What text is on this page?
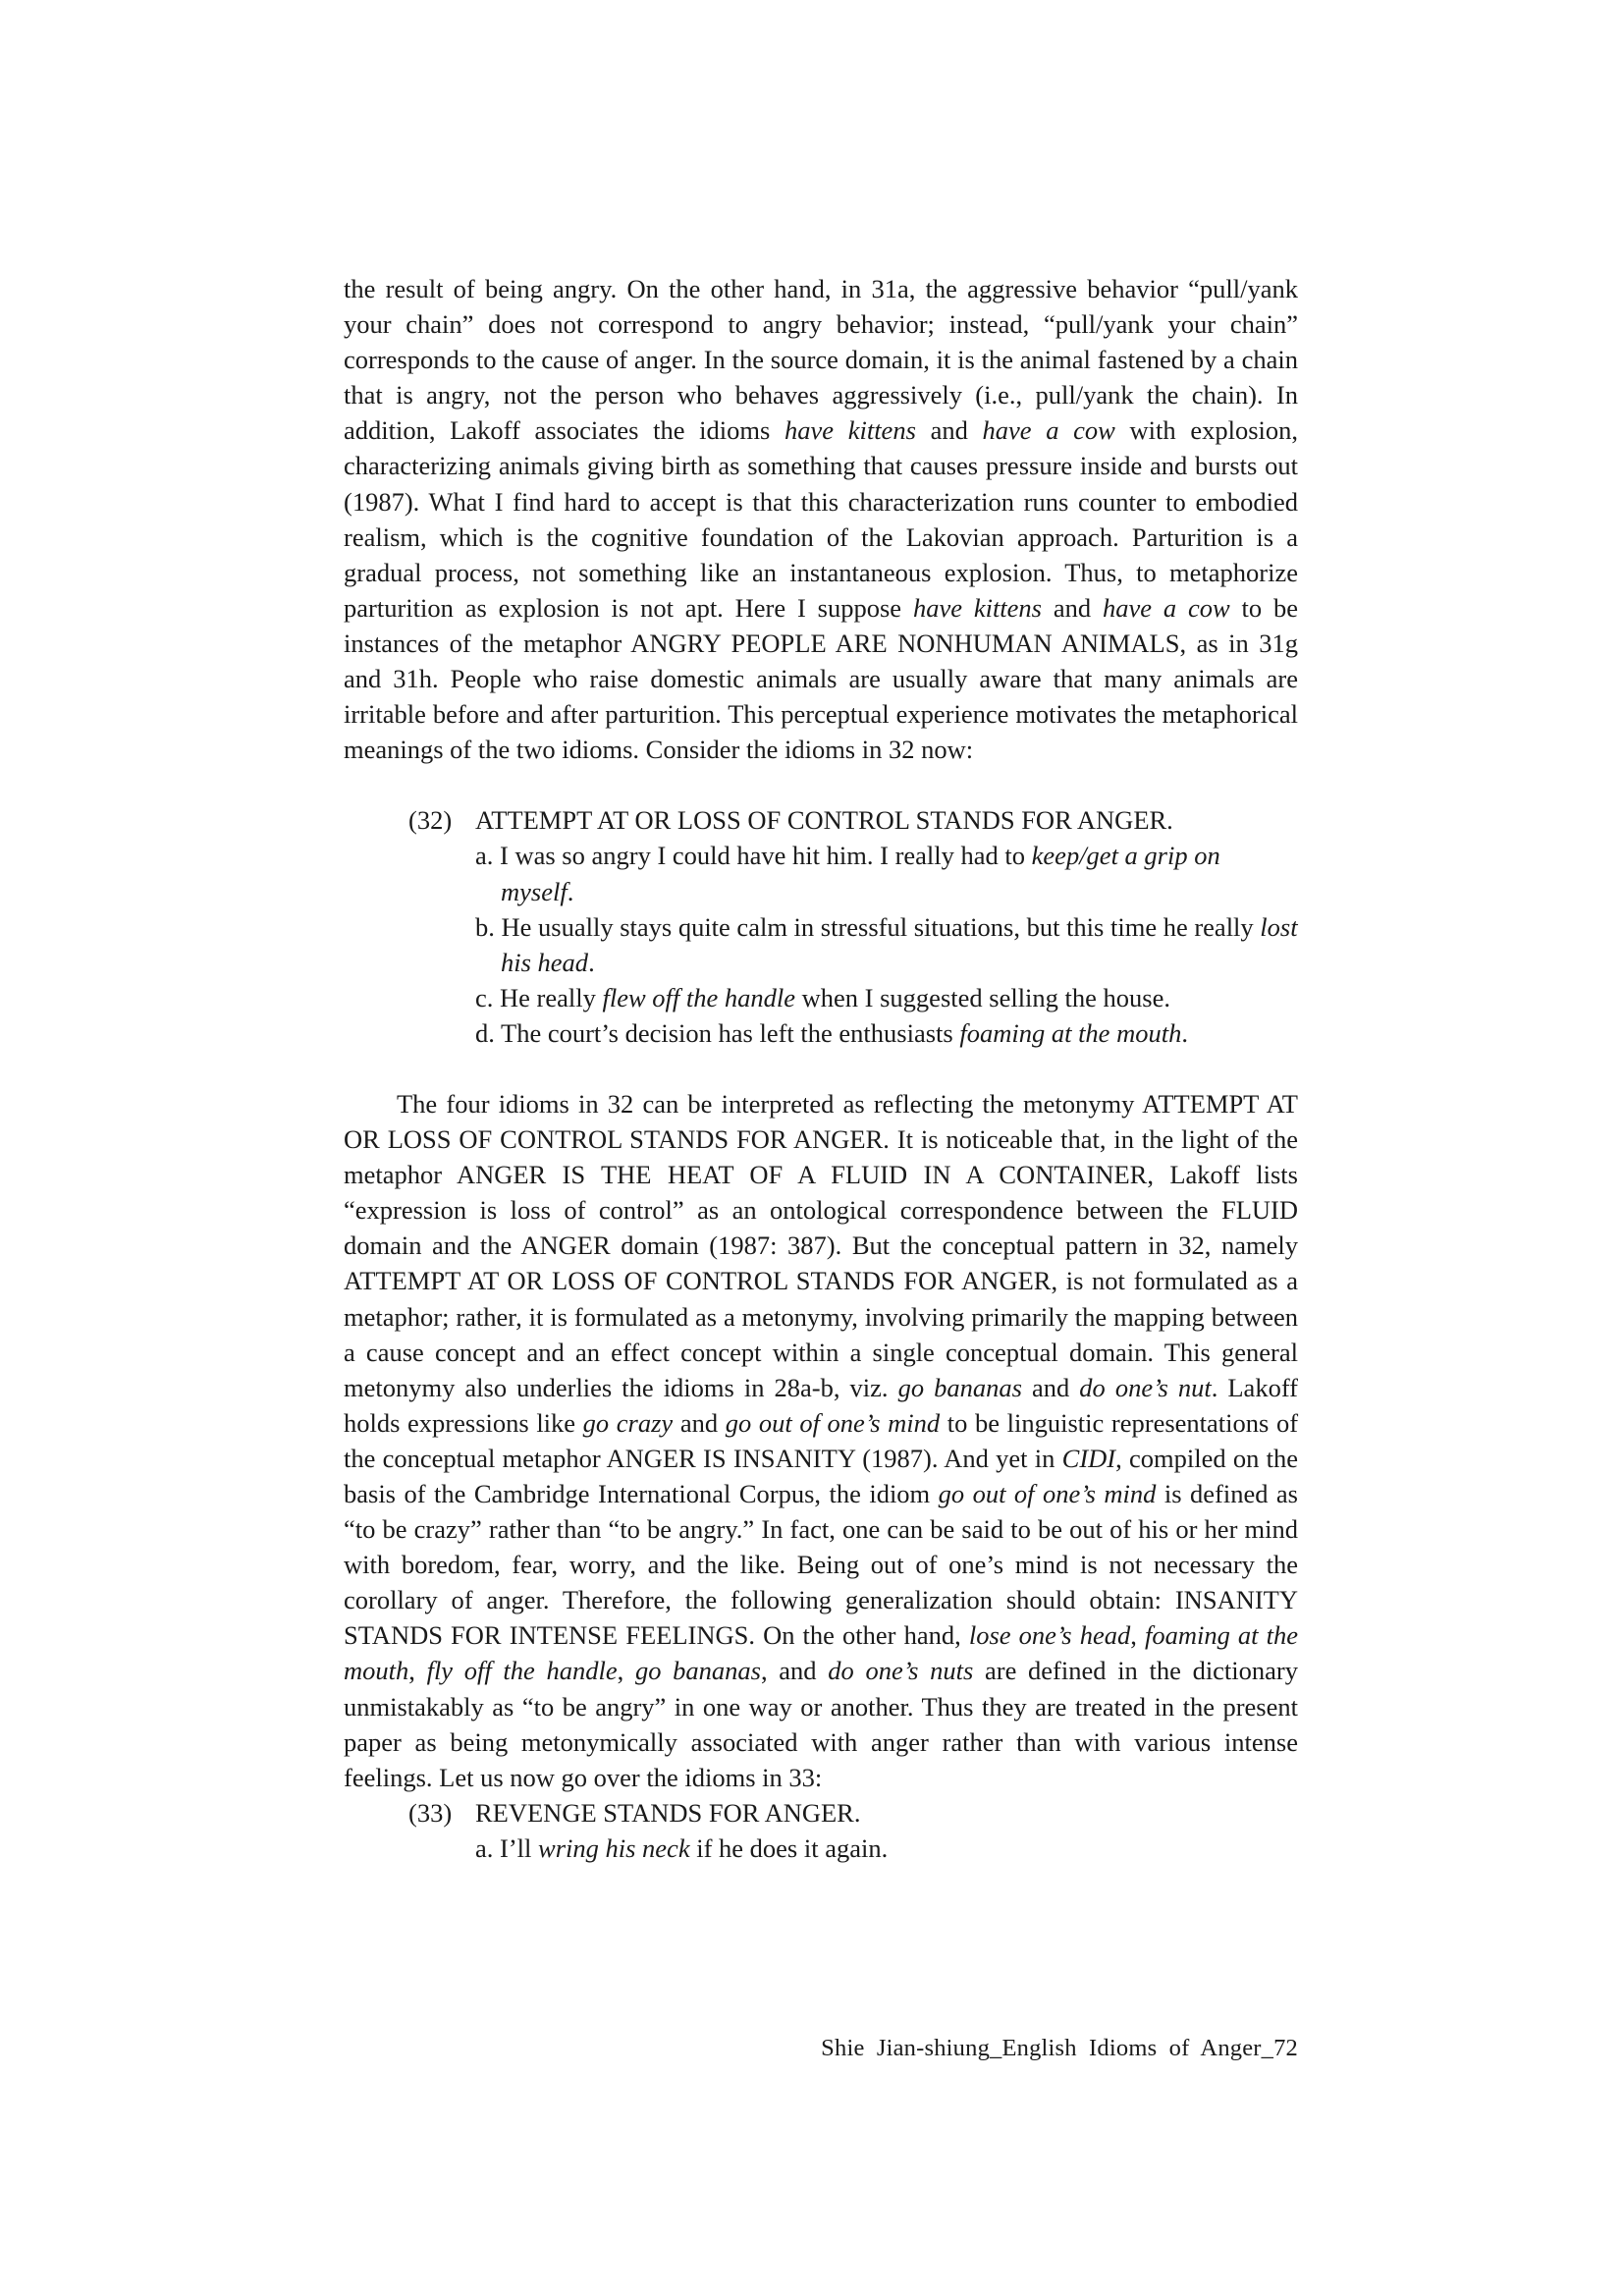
the result of being angry. On the other hand, in 31a, the aggressive behavior “pull/yank your chain” does not correspond to angry behavior; instead, “pull/yank your chain” corresponds to the cause of anger. In the source domain, it is the animal fastened by a chain that is angry, not the person who behaves aggressively (i.e., pull/yank the chain). In addition, Lakoff associates the idioms have kittens and have a cow with explosion, characterizing animals giving birth as something that causes pressure inside and bursts out (1987). What I find hard to accept is that this characterization runs counter to embodied realism, which is the cognitive foundation of the Lakovian approach. Parturition is a gradual process, not something like an instantaneous explosion. Thus, to metaphorize parturition as explosion is not apt. Here I suppose have kittens and have a cow to be instances of the metaphor ANGRY PEOPLE ARE NONHUMAN ANIMALS, as in 31g and 31h. People who raise domestic animals are usually aware that many animals are irritable before and after parturition. This perceptual experience motivates the metaphorical meanings of the two idioms. Consider the idioms in 32 now:

(32) ATTEMPT AT OR LOSS OF CONTROL STANDS FOR ANGER.
a. I was so angry I could have hit him. I really had to keep/get a grip on myself.
b. He usually stays quite calm in stressful situations, but this time he really lost his head.
c. He really flew off the handle when I suggested selling the house.
d. The court’s decision has left the enthusiasts foaming at the mouth.

The four idioms in 32 can be interpreted as reflecting the metonymy ATTEMPT AT OR LOSS OF CONTROL STANDS FOR ANGER. It is noticeable that, in the light of the metaphor ANGER IS THE HEAT OF A FLUID IN A CONTAINER, Lakoff lists “expression is loss of control” as an ontological correspondence between the FLUID domain and the ANGER domain (1987: 387). But the conceptual pattern in 32, namely ATTEMPT AT OR LOSS OF CONTROL STANDS FOR ANGER, is not formulated as a metaphor; rather, it is formulated as a metonymy, involving primarily the mapping between a cause concept and an effect concept within a single conceptual domain. This general metonymy also underlies the idioms in 28a-b, viz. go bananas and do one’s nut. Lakoff holds expressions like go crazy and go out of one’s mind to be linguistic representations of the conceptual metaphor ANGER IS INSANITY (1987). And yet in CIDI, compiled on the basis of the Cambridge International Corpus, the idiom go out of one’s mind is defined as “to be crazy” rather than “to be angry.” In fact, one can be said to be out of his or her mind with boredom, fear, worry, and the like. Being out of one’s mind is not necessary the corollary of anger. Therefore, the following generalization should obtain: INSANITY STANDS FOR INTENSE FEELINGS. On the other hand, lose one’s head, foaming at the mouth, fly off the handle, go bananas, and do one’s nuts are defined in the dictionary unmistakably as “to be angry” in one way or another. Thus they are treated in the present paper as being metonymically associated with anger rather than with various intense feelings. Let us now go over the idioms in 33:

(33) REVENGE STANDS FOR ANGER.
a. I’ll wring his neck if he does it again.
Shie Jian-shiung_English Idioms of Anger_72
